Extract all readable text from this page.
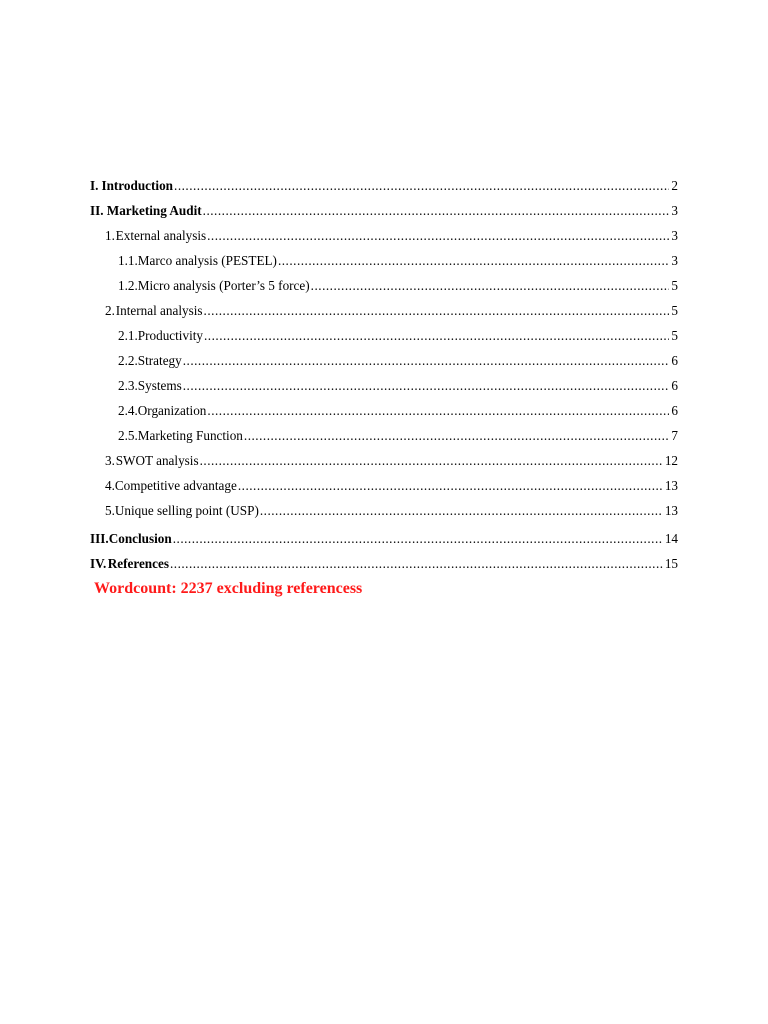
I. Introduction .....	2
II. Marketing Audit .....	3
1. External analysis .....	3
1.1. Marco analysis (PESTEL) .....	3
1.2. Micro analysis (Porter’s 5 force) .....	5
2. Internal analysis .....	5
2.1. Productivity .....	5
2.2. Strategy .....	6
2.3. Systems .....	6
2.4. Organization .....	6
2.5. Marketing Function .....	7
3. SWOT analysis .....	12
4. Competitive advantage .....	13
5. Unique selling point (USP) .....	13
III. Conclusion .....	14
IV. References .....	15
Wordcount: 2237 excluding referencess
